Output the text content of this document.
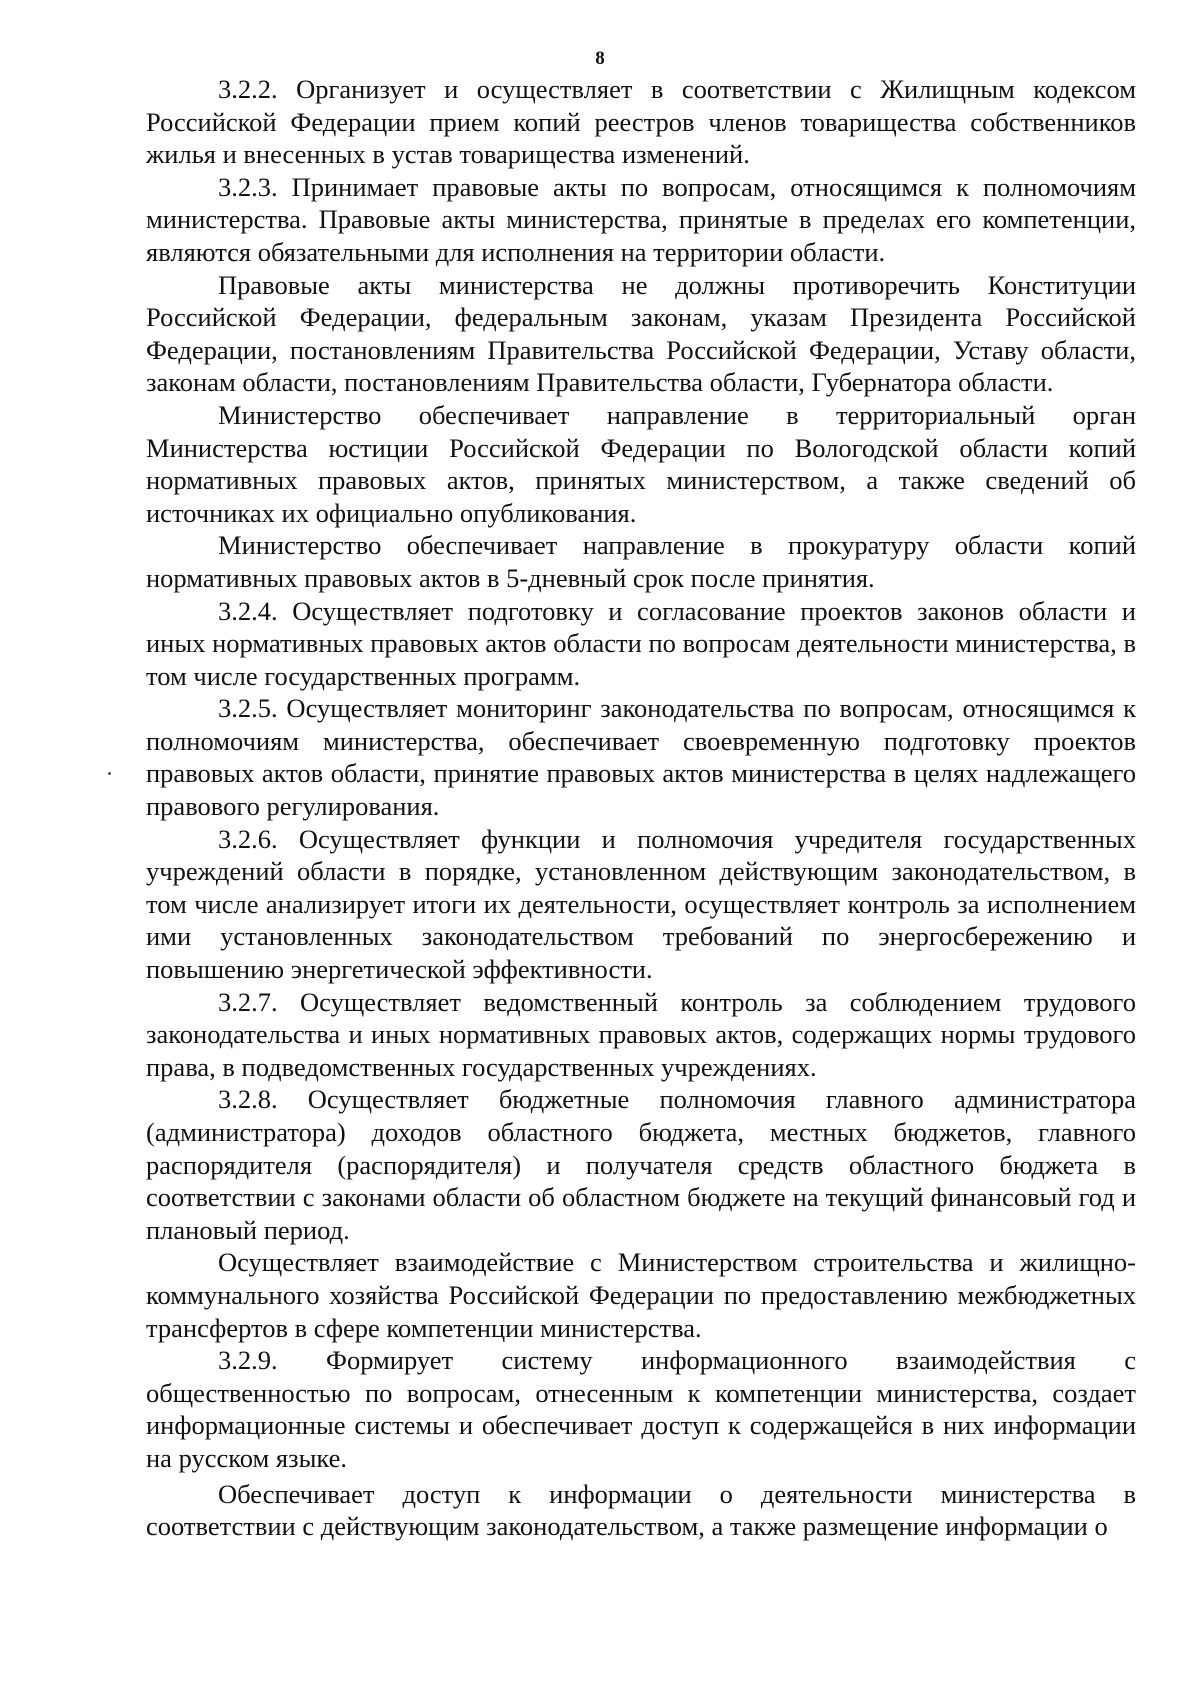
8

3.2.2. Организует и осуществляет в соответствии с Жилищным кодексом Российской Федерации прием копий реестров членов товарищества собственников жилья и внесенных в устав товарищества изменений.

3.2.3. Принимает правовые акты по вопросам, относящимся к полномочиям министерства. Правовые акты министерства, принятые в пределах его компетенции, являются обязательными для исполнения на территории области.

Правовые акты министерства не должны противоречить Конституции Российской Федерации, федеральным законам, указам Президента Российской Федерации, постановлениям Правительства Российской Федерации, Уставу области, законам области, постановлениям Правительства области, Губернатора области.

Министерство обеспечивает направление в территориальный орган Министерства юстиции Российской Федерации по Вологодской области копий нормативных правовых актов, принятых министерством, а также сведений об источниках их официально опубликования.

Министерство обеспечивает направление в прокуратуру области копий нормативных правовых актов в 5-дневный срок после принятия.

3.2.4. Осуществляет подготовку и согласование проектов законов области и иных нормативных правовых актов области по вопросам деятельности министерства, в том числе государственных программ.

3.2.5. Осуществляет мониторинг законодательства по вопросам, относящимся к полномочиям министерства, обеспечивает своевременную подготовку проектов правовых актов области, принятие правовых актов министерства в целях надлежащего правового регулирования.

3.2.6. Осуществляет функции и полномочия учредителя государственных учреждений области в порядке, установленном действующим законодательством, в том числе анализирует итоги их деятельности, осуществляет контроль за исполнением ими установленных законодательством требований по энергосбережению и повышению энергетической эффективности.

3.2.7. Осуществляет ведомственный контроль за соблюдением трудового законодательства и иных нормативных правовых актов, содержащих нормы трудового права, в подведомственных государственных учреждениях.

3.2.8. Осуществляет бюджетные полномочия главного администратора (администратора) доходов областного бюджета, местных бюджетов, главного распорядителя (распорядителя) и получателя средств областного бюджета в соответствии с законами области об областном бюджете на текущий финансовый год и плановый период.

Осуществляет взаимодействие с Министерством строительства и жилищно-коммунального хозяйства Российской Федерации по предоставлению межбюджетных трансфертов в сфере компетенции министерства.

3.2.9. Формирует систему информационного взаимодействия с общественностью по вопросам, отнесенным к компетенции министерства, создает информационные системы и обеспечивает доступ к содержащейся в них информации на русском языке.

Обеспечивает доступ к информации о деятельности министерства в соответствии с действующим законодательством, а также размещение информации о
